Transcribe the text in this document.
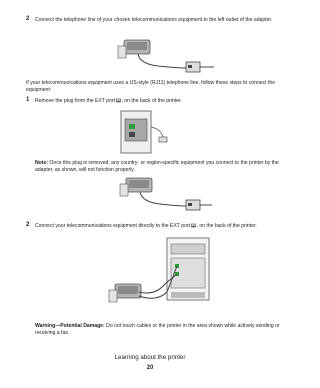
2 Connect the telephone line of your chosen telecommunications equipment to the left outlet of the adapter.
If your telecommunications equipment uses a US-style (RJ11) telephone line, follow these steps to connect the equipment:
1 Remove the plug from the EXT port , on the back of the printer.
Note: Once this plug is removed, any country- or region-specific equipment you connect to the printer by the adapter, as shown, will not function properly.
2 Connect your telecommunications equipment directly to the EXT port , on the back of the printer.
Warning—Potential Damage: Do not touch cables or the printer in the area shown while actively sending or receiving a fax.
Learning about the printer
20
